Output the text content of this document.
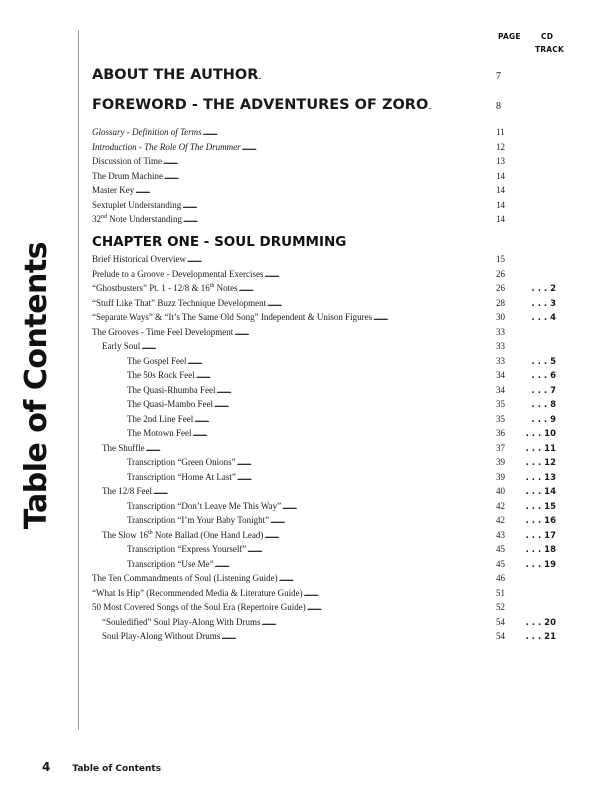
Table of Contents
PAGE	CD
TRACK
ABOUT THE AUTHOR . . .	7
FOREWORD - THE ADVENTURES OF ZORO . . .	8
Glossary - Definition of Terms . . .	11
Introduction - The Role Of The Drummer . . .	12
Discussion of Time . . .	13
The Drum Machine . . .	14
Master Key . . .	14
Sextuplet Understanding . . .	14
32nd Note Understanding . . .	14
CHAPTER ONE - SOUL DRUMMING
Brief Historical Overview . . .	15
Prelude to a Groove - Developmental Exercises . . .	26
“Ghostbusters” Pt. 1 - 12/8 & 16th Notes . . .	26	. . . 2
“Stuff Like That” Buzz Technique Development . . .	28	. . . 3
“Separate Ways” & “It’s The Same Old Song” Independent & Unison Figures . . .	30	. . . 4
The Grooves - Time Feel Development . . .	33
Early Soul . . .	33
The Gospel Feel . . .	33	. . . 5
The 50s Rock Feel . . .	34	. . . 6
The Quasi-Rhumba Feel . . .	34	. . . 7
The Quasi-Mambo Feel . . .	35	. . . 8
The 2nd Line Feel . . .	35	. . . 9
The Motown Feel . . .	36	. . . 10
The Shuffle . . .	37	. . . 11
Transcription “Green Onions” . . .	39	. . . 12
Transcription “Home At Last” . . .	39	. . . 13
The 12/8 Feel . . .	40	. . . 14
Transcription “Don’t Leave Me This Way” . . .	42	. . . 15
Transcription “I’m Your Baby Tonight” . . .	42	. . . 16
The Slow 16th Note Ballad (One Hand Lead) . . .	43	. . . 17
Transcription “Express Yourself” . . .	45	. . . 18
Transcription “Use Me” . . .	45	. . . 19
The Ten Commandments of Soul (Listening Guide) . . .	46
“What Is Hip” (Recommended Media & Literature Guide) . . .	51
50 Most Covered Songs of the Soul Era (Repertoire Guide) . . .	52
“Souledified” Soul Play-Along With Drums . . .	54	. . . 20
Soul Play-Along Without Drums . . .	54	. . . 21
4 Table of Contents
